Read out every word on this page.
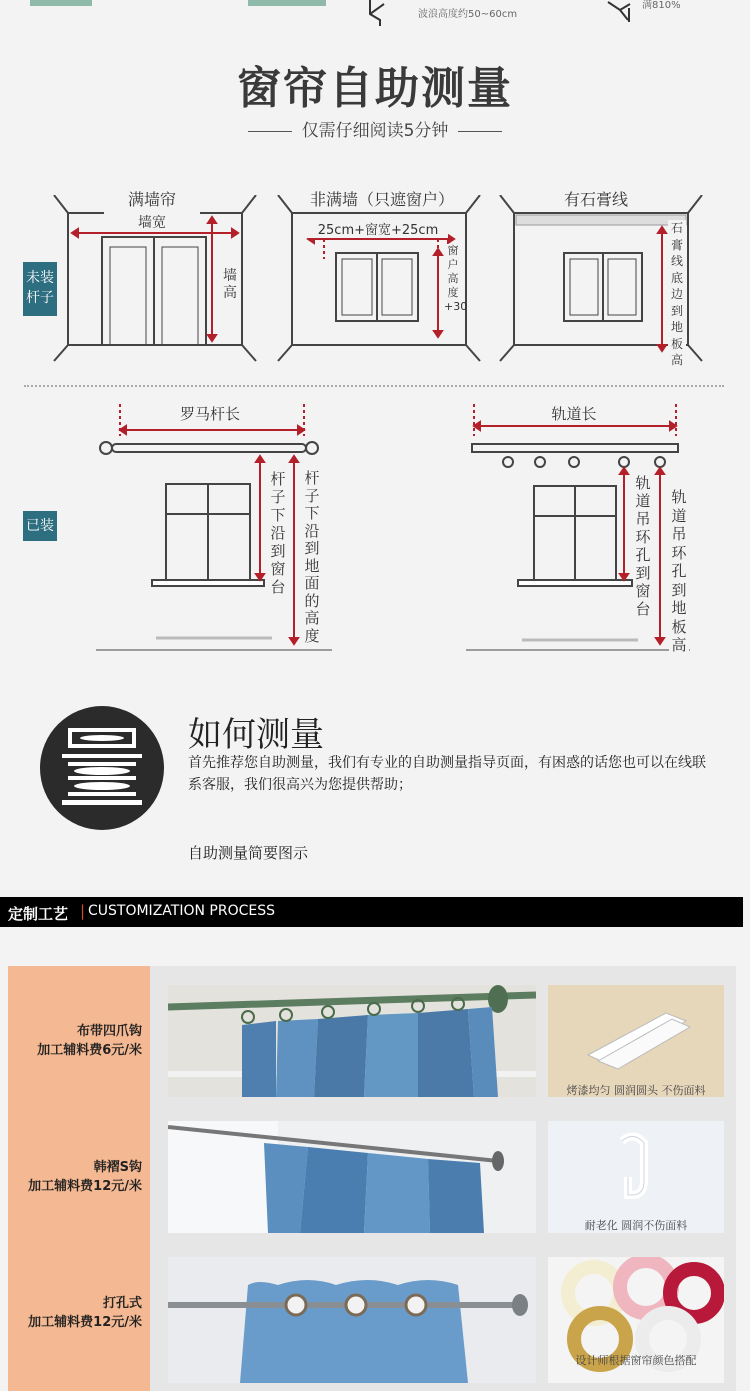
波浪高度约50~60cm
满810%
窗帘自助测量
仅需仔细阅读5分钟
未装杆子
已装
满墙帘
墙宽
墙高
非满墙（只遮窗户）
25cm+窗宽+25cm
窗户高度+30
有石膏线
石膏线底边到地板高
罗马杆长
杆子下沿到窗台
杆子下沿到地面的高度
轨道长
轨道吊环孔到窗台
轨道吊环孔到地板高
如何测量
首先推荐您自助测量，我们有专业的自助测量指导页面，有困惑的话您也可以在线联系客服，我们很高兴为您提供帮助；
自助测量简要图示
定制工艺 | CUSTOMIZATION PROCESS
布带四爪钩
加工辅料费6元/米
烤漆均匀 圆润圆头 不伤面料
韩褶S钩
加工辅料费12元/米
耐老化 圆润不伤面料
打孔式
加工辅料费12元/米
设计师根据窗帘颜色搭配
